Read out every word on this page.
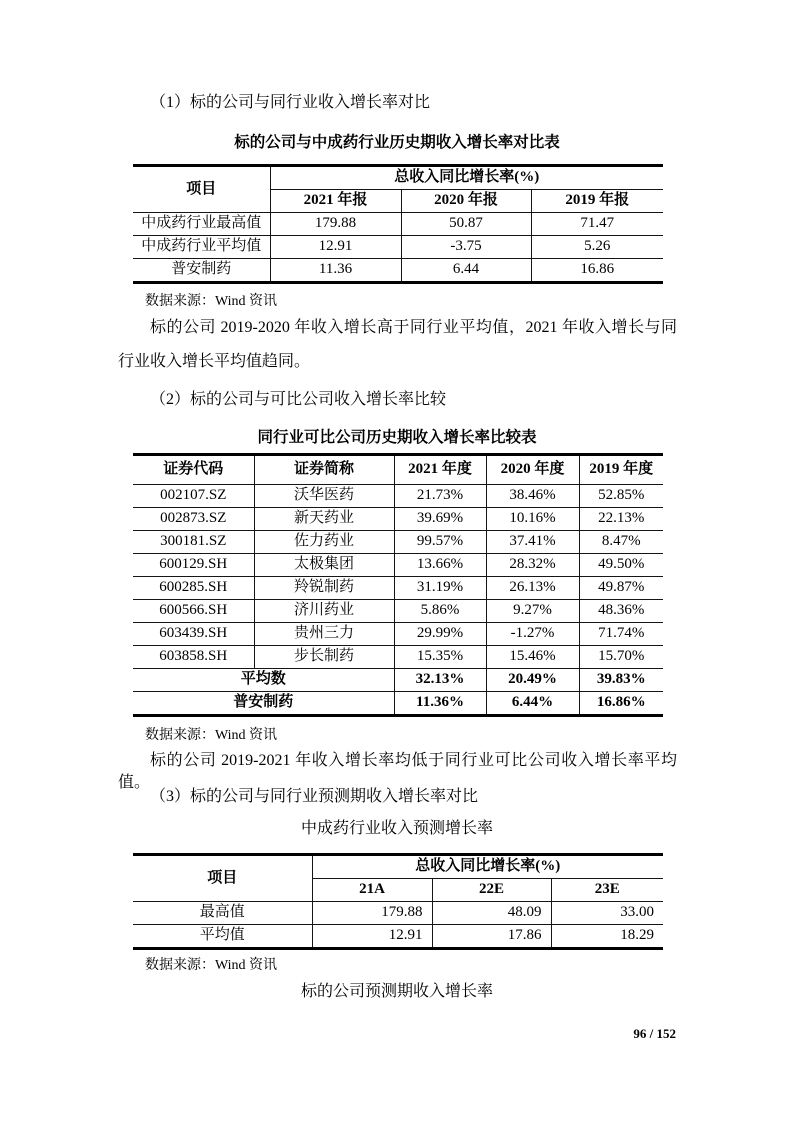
（1）标的公司与同行业收入增长率对比
标的公司与中成药行业历史期收入增长率对比表
项目	总收入同比增长率(%)		
	2021 年报	2020 年报	2019 年报
中成药行业最高值	179.88	50.87	71.47
中成药行业平均值	12.91	-3.75	5.26
普安制药	11.36	6.44	16.86
数据来源：Wind 资讯
标的公司 2019-2020 年收入增长高于同行业平均值，2021 年收入增长与同行业收入增长平均值趋同。
（2）标的公司与可比公司收入增长率比较
同行业可比公司历史期收入增长率比较表
证券代码	证券简称	2021 年度	2020 年度	2019 年度
002107.SZ	沃华医药	21.73%	38.46%	52.85%
002873.SZ	新天药业	39.69%	10.16%	22.13%
300181.SZ	佐力药业	99.57%	37.41%	8.47%
600129.SH	太极集团	13.66%	28.32%	49.50%
600285.SH	羚锐制药	31.19%	26.13%	49.87%
600566.SH	济川药业	5.86%	9.27%	48.36%
603439.SH	贵州三力	29.99%	-1.27%	71.74%
603858.SH	步长制药	15.35%	15.46%	15.70%
平均数		32.13%	20.49%	39.83%
普安制药		11.36%	6.44%	16.86%
数据来源：Wind 资讯
标的公司 2019-2021 年收入增长率均低于同行业可比公司收入增长率平均值。
（3）标的公司与同行业预测期收入增长率对比
中成药行业收入预测增长率
项目	总收入同比增长率(%)		
	21A	22E	23E
最高值	179.88	48.09	33.00
平均值	12.91	17.86	18.29
数据来源：Wind 资讯
标的公司预测期收入增长率
96 / 152
